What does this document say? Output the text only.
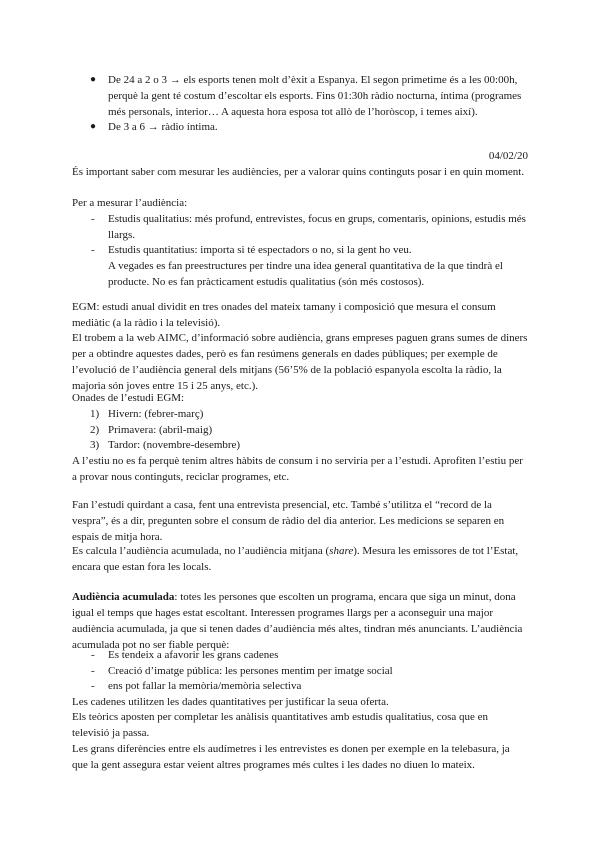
●	De 24 a 2 o 3 → els esports tenen molt d’èxit a Espanya. El segon primetime és a les 00:00h, perquè la gent té costum d’escoltar els esports. Fins 01:30h ràdio nocturna, íntima (programes més personals, interior… A aquesta hora esposa tot allò de l’horòscop, i temes així).

●	De 3 a 6 → ràdio íntima.

04/02/20

És important saber com mesurar les audiències, per a valorar quins continguts posar i en quin moment.

Per a mesurar l’audiència:

-	Estudis qualitatius: més profund, entrevistes, focus en grups, comentaris, opinions, estudis més llargs.

-	Estudis quantitatius: importa si té espectadors o no, si la gent ho veu.

A vegades es fan preestructures per tindre una idea general quantitativa de la que tindrà el producte. No es fan pràcticament estudis qualitatius (són més costosos).

EGM: estudi anual dividit en tres onades del mateix tamany i composició que mesura el consum mediàtic (a la ràdio i la televisió).

El trobem a la web AIMC, d’informació sobre audiència, grans empreses paguen grans sumes de diners per a obtindre aquestes dades, però es fan resúmens generals en dades públiques; per exemple de l’evolució de l’audiència general dels mitjans (56’5% de la població espanyola escolta la ràdio, la majoria són joves entre 15 i 25 anys, etc.).

Onades de l’estudi EGM:

1) Hivern: (febrer-març)

2) Primavera: (abril-maig)

3) Tardor: (novembre-desembre)

A l’estiu no es fa perquè tenim altres hàbits de consum i no serviria per a l’estudi. Aprofiten l’estiu per a provar nous continguts, reciclar programes, etc.

Fan l’estudi quirdant a casa, fent una entrevista presencial, etc. També s’utilitza el “record de la vespra”, és a dir, pregunten sobre el consum de ràdio del dia anterior. Les medicions se separen en espais de mitja hora.

Es calcula l’audiència acumulada, no l’audiència mitjana (share). Mesura les emissores de tot l’Estat, encara que estan fora les locals.

Audiència acumulada: totes les persones que escolten un programa, encara que siga un minut, dona igual el temps que hages estat escoltant. Interessen programes llargs per a aconseguir una major audiència acumulada, ja que si tenen dades d’audiència més altes, tindran més anunciants. L’audiència acumulada pot no ser fiable perquè:

-	Es tendeix a afavorir les grans cadenes

-	Creació d’imatge pública: les persones mentim per imatge social

-	ens pot fallar la memòria/memòria selectiva

Les cadenes utilitzen les dades quantitatives per justificar la seua oferta.

Els teòrics aposten per completar les anàlisis quantitatives amb estudis qualitatius, cosa que en televisió ja passa.

Les grans diferències entre els audímetres i les entrevistes es donen per exemple en la telebasura, ja que la gent assegura estar veient altres programes més cultes i les dades no diuen lo mateix.
